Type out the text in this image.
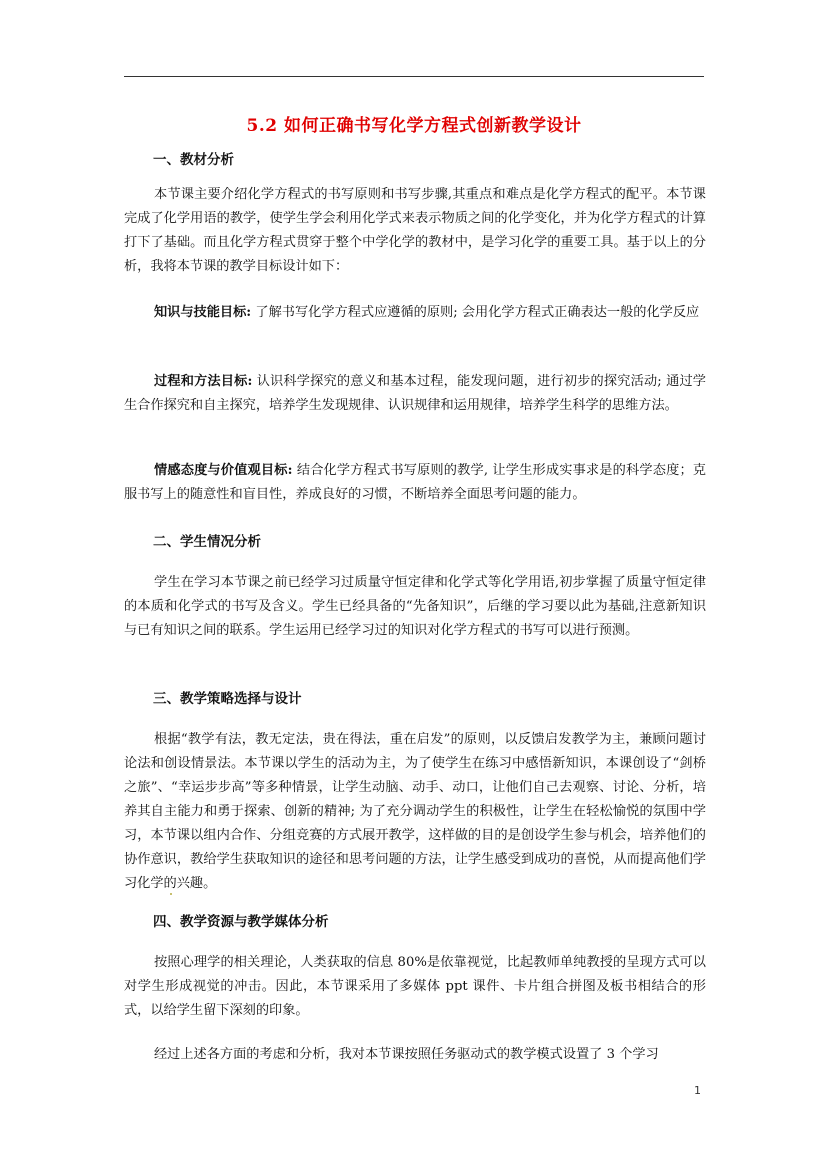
5.2 如何正确书写化学方程式创新教学设计
一、教材分析
本节课主要介绍化学方程式的书写原则和书写步骤,其重点和难点是化学方程式的配平。本节课完成了化学用语的教学，使学生学会利用化学式来表示物质之间的化学变化，并为化学方程式的计算打下了基础。而且化学方程式贯穿于整个中学化学的教材中，是学习化学的重要工具。基于以上的分析，我将本节课的教学目标设计如下：
知识与技能目标: 了解书写化学方程式应遵循的原则; 会用化学方程式正确表达一般的化学反应
过程和方法目标: 认识科学探究的意义和基本过程，能发现问题，进行初步的探究活动; 通过学生合作探究和自主探究，培养学生发现规律、认识规律和运用规律，培养学生科学的思维方法。
情感态度与价值观目标: 结合化学方程式书写原则的教学, 让学生形成实事求是的科学态度；克服书写上的随意性和盲目性，养成良好的习惯，不断培养全面思考问题的能力。
二、学生情况分析
学生在学习本节课之前已经学习过质量守恒定律和化学式等化学用语,初步掌握了质量守恒定律的本质和化学式的书写及含义。学生已经具备的“先备知识”，后继的学习要以此为基础,注意新知识与已有知识之间的联系。学生运用已经学习过的知识对化学方程式的书写可以进行预测。
三、教学策略选择与设计
根据“教学有法，教无定法，贵在得法，重在启发”的原则，以反馈启发教学为主，兼顾问题讨论法和创设情景法。本节课以学生的活动为主，为了使学生在练习中感悟新知识，本课创设了“剑桥之旅”、“幸运步步高”等多种情景，让学生动脑、动手、动口，让他们自己去观察、讨论、分析，培养其自主能力和勇于探索、创新的精神; 为了充分调动学生的积极性，让学生在轻松愉悦的氛围中学习，本节课以组内合作、分组竞赛的方式展开教学，这样做的目的是创设学生参与机会，培养他们的协作意识，教给学生获取知识的途径和思考问题的方法，让学生感受到成功的喜悦，从而提高他们学习化学的兴趣。
四、教学资源与教学媒体分析
按照心理学的相关理论，人类获取的信息 80%是依靠视觉，比起教师单纯教授的呈现方式可以对学生形成视觉的冲击。因此，本节课采用了多媒体 ppt 课件、卡片组合拼图及板书相结合的形式，以给学生留下深刻的印象。
经过上述各方面的考虑和分析，我对本节课按照任务驱动式的教学模式设置了 3 个学习
1
